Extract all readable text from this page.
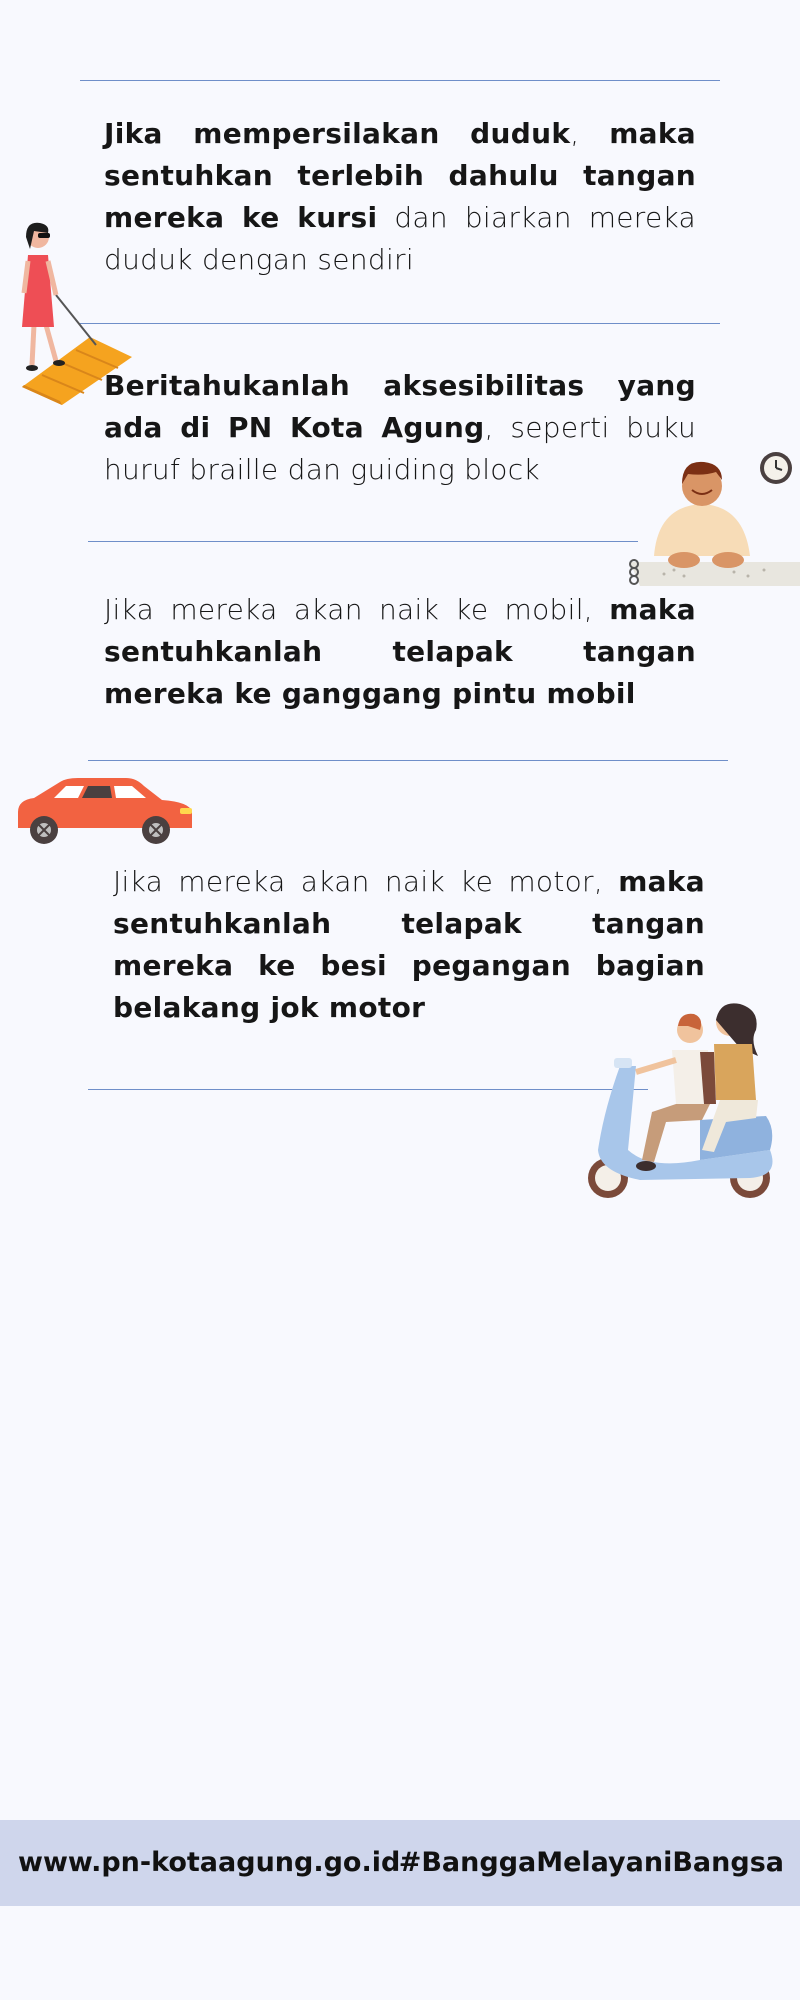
Jika mempersilakan duduk, maka sentuhkan terlebih dahulu tangan mereka ke kursi dan biarkan mereka duduk dengan sendiri

Beritahukanlah aksesibilitas yang ada di PN Kota Agung, seperti buku huruf braille dan guiding block

Jika mereka akan naik ke mobil, maka sentuhkanlah telapak tangan mereka ke ganggang pintu mobil

Jika mereka akan naik ke motor, maka sentuhkanlah telapak tangan mereka ke besi pegangan bagian belakang jok motor

www.pn-kotaagung.go.id
#BanggaMelayaniBangsa
